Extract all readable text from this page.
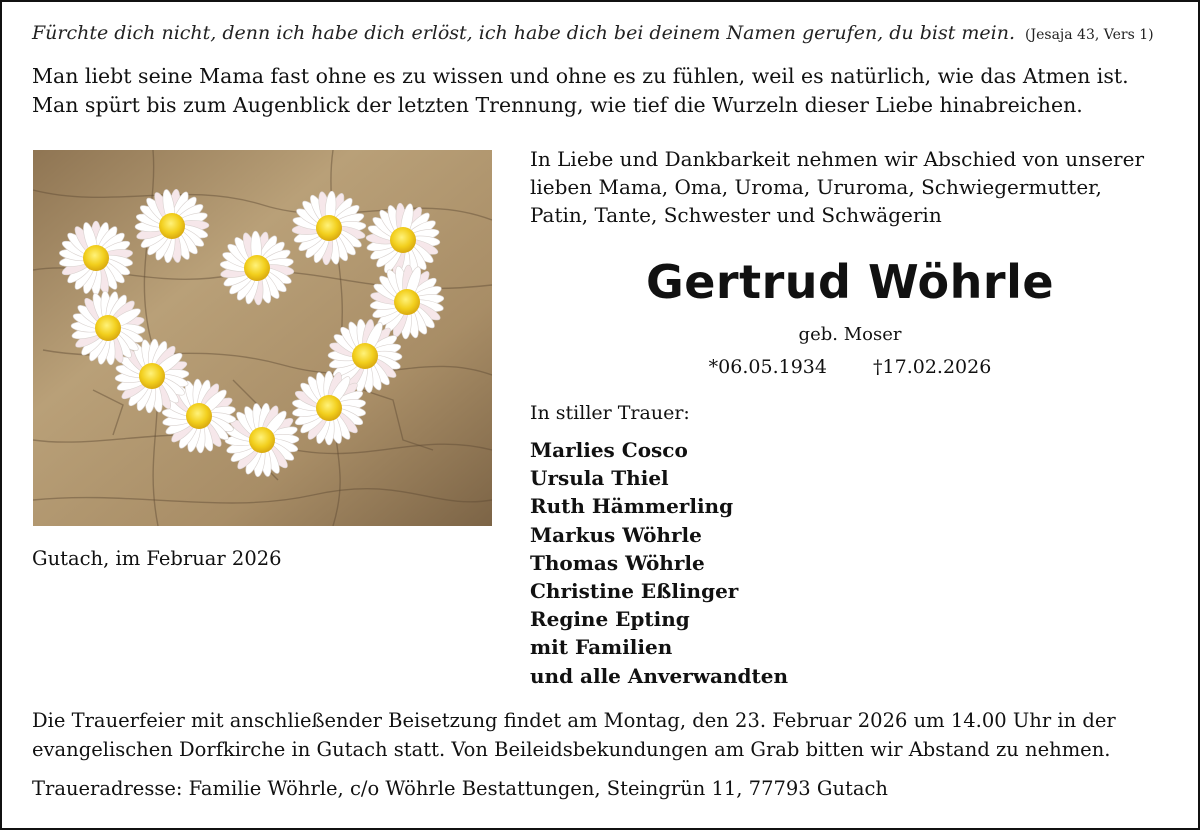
Fürchte dich nicht, denn ich habe dich erlöst, ich habe dich bei deinem Namen gerufen, du bist mein. (Jesaja 43, Vers 1)
Man liebt seine Mama fast ohne es zu wissen und ohne es zu fühlen, weil es natürlich, wie das Atmen ist.
Man spürt bis zum Augenblick der letzten Trennung, wie tief die Wurzeln dieser Liebe hinabreichen.
Gutach, im Februar 2026
In Liebe und Dankbarkeit nehmen wir Abschied von unserer
lieben Mama, Oma, Uroma, Ururoma, Schwiegermutter,
Patin, Tante, Schwester und Schwägerin
Gertrud Wöhrle
geb. Moser
*06.05.1934 †17.02.2026
In stiller Trauer:
Marlies Cosco
Ursula Thiel
Ruth Hämmerling
Markus Wöhrle
Thomas Wöhrle
Christine Eßlinger
Regine Epting
mit Familien
und alle Anverwandten
Die Trauerfeier mit anschließender Beisetzung findet am Montag, den 23. Februar 2026 um 14.00 Uhr in der
evangelischen Dorfkirche in Gutach statt. Von Beileidsbekundungen am Grab bitten wir Abstand zu nehmen.
Traueradresse: Familie Wöhrle, c/o Wöhrle Bestattungen, Steingrün 11, 77793 Gutach
